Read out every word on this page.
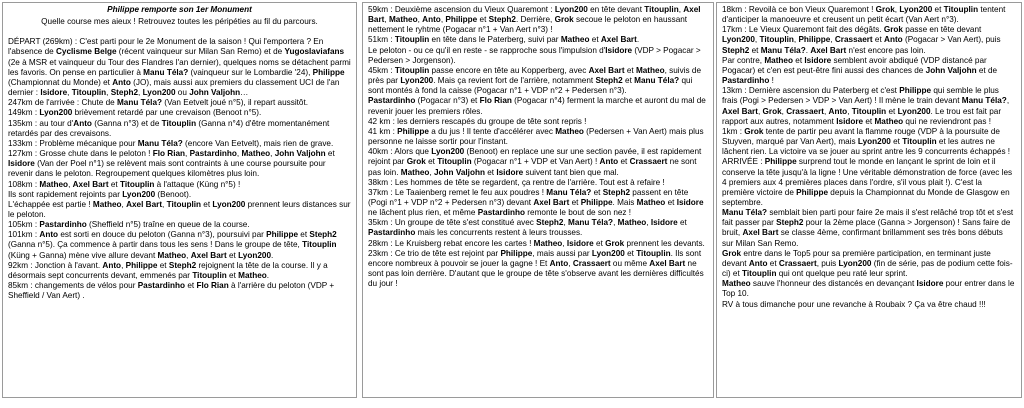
Philippe remporte son 1er Monument
Quelle course mes aieux ! Retrouvez toutes les péripéties au fil du parcours.

DÉPART (269km) : C'est parti pour le 2e Monument de la saison ! Qui l'emportera ? En l'absence de Cyclisme Belge (récent vainqueur sur Milan San Remo) et de Yugoslaviafans (2e à MSR et vainqueur du Tour des Flandres l'an dernier), quelques noms se détachent parmi les favoris. On pense en particulier à Manu Téla? (vainqueur sur le Lombardie '24), Philippe (Championnat du Monde) et Anto (JO), mais aussi aux premiers du classement UCI de l'an dernier : Isidore, Titouplin, Steph2, Lyon200 ou John Valjohn…

247km de l'arrivée : Chute de Manu Téla? (Van Eetvelt joué n°5), il repart aussitôt.

149km : Lyon200 brièvement retardé par une crevaison (Benoot n°5).

135km : au tour d'Anto (Ganna n°3) et de Titouplin (Ganna n°4) d'être momentanément retardés par des crevaisons.

133km : Problème mécanique pour Manu Téla? (encore Van Eetvelt), mais rien de grave.

127km : Grosse chute dans le peloton ! Flo Rian, Pastardinho, Matheo, John Valjohn et Isidore (Van der Poel n°1) se relèvent mais sont contraints à une course poursuite pour revenir dans le peloton. Regroupement quelques kilomètres plus loin.

108km : Matheo, Axel Bart et Titouplin à l'attaque (Küng n°5) !

Ils sont rapidement rejoints par Lyon200 (Benoot).

L'échappée est partie ! Matheo, Axel Bart, Titouplin et Lyon200 prennent leurs distances sur le peloton.

105km : Pastardinho (Sheffield n°5) traîne en queue de la course.

101km : Anto est sorti en douce du peloton (Ganna n°3), poursuivi par Philippe et Steph2 (Ganna n°5). Ça commence à partir dans tous les sens ! Dans le groupe de tête, Titouplin (Küng + Ganna) mène vive allure devant Matheo, Axel Bart et Lyon200.

92km : Jonction à l'avant. Anto, Philippe et Steph2 rejoignent la tête de la course. Il y a désormais sept concurrents devant, emmenés par Titouplin et Matheo.

85km : changements de vélos pour Pastardinho et Flo Rian à l'arrière du peloton (VDP + Sheffield / Van Aert) .

59km : Deuxième ascension du Vieux Quaremont : Lyon200 en tête devant Titouplin, Axel Bart, Matheo, Anto, Philippe et Steph2. Derrière, Grok secoue le peloton en haussant nettement le ryhtme (Pogacar n°1 + Van Aert n°3) !

51km : Titouplin en tête dans le Paterberg, suivi par Matheo et Axel Bart.

Le peloton - ou ce qu'il en reste - se rapproche sous l'impulsion d'Isidore (VDP > Pogacar > Pedersen > Jorgenson).

45km : Titouplin passe encore en tête au Kopperberg, avec Axel Bart et Matheo, suivis de près par Lyon200. Mais ça revient fort de l'arrière, notamment Steph2 et Manu Téla? qui sont montés à fond la caisse (Pogacar n°1 + VDP n°2 + Pedersen n°3).

Pastardinho (Pogacar n°3) et Flo Rian (Pogacar n°4) ferment la marche et auront du mal de revenir jouer les premiers rôles.

42 km : les derniers rescapés du groupe de tête sont repris !

41 km : Philippe a du jus ! Il tente d'accélérer avec Matheo (Pedersen + Van Aert) mais plus personne ne laisse sortir pour l'instant.

40km : Alors que Lyon200 (Benoot) en replace une sur une section pavée, il est rapidement rejoint par Grok et Titouplin (Pogacar n°1 + VDP et Van Aert) ! Anto et Crassaert ne sont pas loin. Matheo, John Valjohn et Isidore suivent tant bien que mal.

38km : Les hommes de tête se regardent, ça rentre de l'arrière. Tout est à refaire !

37km : Le Taaienberg remet le feu aux poudres ! Manu Téla? et Steph2 passent en tête (Pogi n°1 + VDP n°2 + Pedersen n°3) devant Axel Bart et Philippe. Mais Matheo et Isidore ne lâchent plus rien, et même Pastardinho remonte le bout de son nez !

35km : Un groupe de tête s'est constitué avec Steph2, Manu Téla?, Matheo, Isidore et Pastardinho mais les concurrents restent à leurs trousses.

28km : Le Kruisberg rebat encore les cartes ! Matheo, Isidore et Grok prennent les devants.

23km : Ce trio de tête est rejoint par Philippe, mais aussi par Lyon200 et Titouplin. Ils sont encore nombreux à pouvoir se jouer la gagne ! Et Anto, Crassaert ou même Axel Bart ne sont pas loin derrière. D'autant que le groupe de tête s'observe avant les dernières difficultés du jour !

18km : Revoilà ce bon Vieux Quaremont ! Grok, Lyon200 et Titouplin tentent d'anticiper la manoeuvre et creusent un petit écart (Van Aert n°3).

17km : Le Vieux Quaremont fait des dégâts. Grok passe en tête devant Lyon200, Titouplin, Philippe, Crassaert et Anto (Pogacar > Van Aert), puis Steph2 et Manu Téla?. Axel Bart n'est encore pas loin.

Par contre, Matheo et Isidore semblent avoir abdiqué (VDP distancé par Pogacar) et c'en est peut-être fini aussi des chances de John Valjohn et de Pastardinho !

13km : Dernière ascension du Paterberg et c'est Philippe qui semble le plus frais (Pogi > Pedersen > VDP > Van Aert) ! Il mène le train devant Manu Téla?, Axel Bart, Grok, Crassaert, Anto, Titouplin et Lyon200. Le trou est fait par rapport aux autres, notamment Isidore et Matheo qui ne reviendront pas !

1km : Grok tente de partir peu avant la flamme rouge (VDP à la poursuite de Stuyven, marqué par Van Aert), mais Lyon200 et Titouplin et les autres ne lâchent rien. La victoire va se jouer au sprint antre les 9 concurrents échappés !

ARRIVÉE : Philippe surprend tout le monde en lançant le sprint de loin et il conserve la tête jusqu'à la ligne ! Une véritable démonstration de force (avec les 4 premiers aux 4 premières places dans l'ordre, s'il vous plait !). C'est la première victoire de Philippe depuis la Championnat du Monde de Glasgow en septembre.

Manu Téla? semblait bien parti pour faire 2e mais il s'est relâché trop tôt et s'est fait passer par Steph2 pour la 2ème place (Ganna > Jorgenson) ! Sans faire de bruit, Axel Bart se classe 4ème, confirmant brillamment ses très bons débuts sur Milan San Remo.

Grok entre dans le Top5 pour sa première participation, en terminant juste devant Anto et Crassaert, puis Lyon200 (fin de série, pas de podium cette fois-ci) et Titouplin qui ont quelque peu raté leur sprint.

Matheo sauve l'honneur des distancés en devançant Isidore pour entrer dans le Top 10.

RV à tous dimanche pour une revanche à Roubaix ? Ça va être chaud !!!
